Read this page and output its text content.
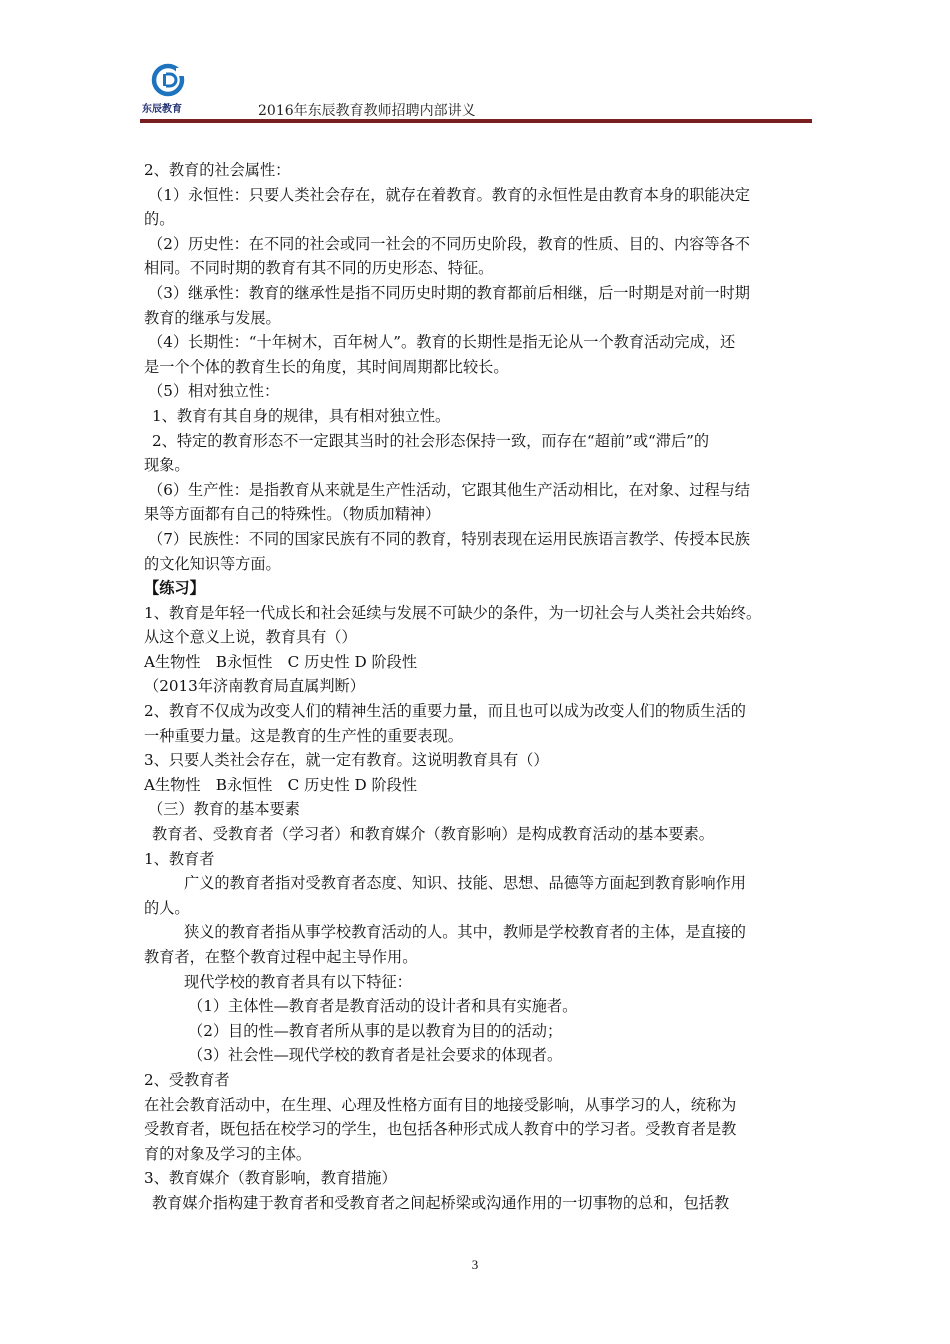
东辰教育	2016年东辰教育教师招聘内部讲义

2、教育的社会属性：

（1）永恒性：只要人类社会存在，就存在着教育。教育的永恒性是由教育本身的职能决定

的。

（2）历史性：在不同的社会或同一社会的不同历史阶段，教育的性质、目的、内容等各不

相同。不同时期的教育有其不同的历史形态、特征。

（3）继承性：教育的继承性是指不同历史时期的教育都前后相继，后一时期是对前一时期

教育的继承与发展。

（4）长期性：“十年树木，百年树人”。教育的长期性是指无论从一个教育活动完成，还

是一个个体的教育生长的角度，其时间周期都比较长。

（5）相对独立性：

1、教育有其自身的规律，具有相对独立性。

2、特定的教育形态不一定跟其当时的社会形态保持一致，而存在“超前”或“滞后”的

现象。

（6）生产性：是指教育从来就是生产性活动，它跟其他生产活动相比，在对象、过程与结

果等方面都有自己的特殊性。（物质加精神）

（7）民族性：不同的国家民族有不同的教育，特别表现在运用民族语言教学、传授本民族

的文化知识等方面。

【练习】

1、教育是年轻一代成长和社会延续与发展不可缺少的条件，为一切社会与人类社会共始终。

从这个意义上说，教育具有（）

A生物性　B永恒性　C 历史性 D 阶段性

（2013年济南教育局直属判断）

2、教育不仅成为改变人们的精神生活的重要力量，而且也可以成为改变人们的物质生活的

一种重要力量。这是教育的生产性的重要表现。

3、只要人类社会存在，就一定有教育。这说明教育具有（）

A生物性　B永恒性　C 历史性 D 阶段性

（三）教育的基本要素

教育者、受教育者（学习者）和教育媒介（教育影响）是构成教育活动的基本要素。

1、教育者

广义的教育者指对受教育者态度、知识、技能、思想、品德等方面起到教育影响作用

的人。

狭义的教育者指从事学校教育活动的人。其中，教师是学校教育者的主体，是直接的

教育者，在整个教育过程中起主导作用。

现代学校的教育者具有以下特征：

（1）主体性—教育者是教育活动的设计者和具有实施者。

（2）目的性—教育者所从事的是以教育为目的的活动；

（3）社会性—现代学校的教育者是社会要求的体现者。

2、受教育者

在社会教育活动中，在生理、心理及性格方面有目的地接受影响，从事学习的人，统称为

受教育者，既包括在校学习的学生，也包括各种形式成人教育中的学习者。受教育者是教

育的对象及学习的主体。

3、教育媒介（教育影响，教育措施）

教育媒介指构建于教育者和受教育者之间起桥梁或沟通作用的一切事物的总和，包括教

3
